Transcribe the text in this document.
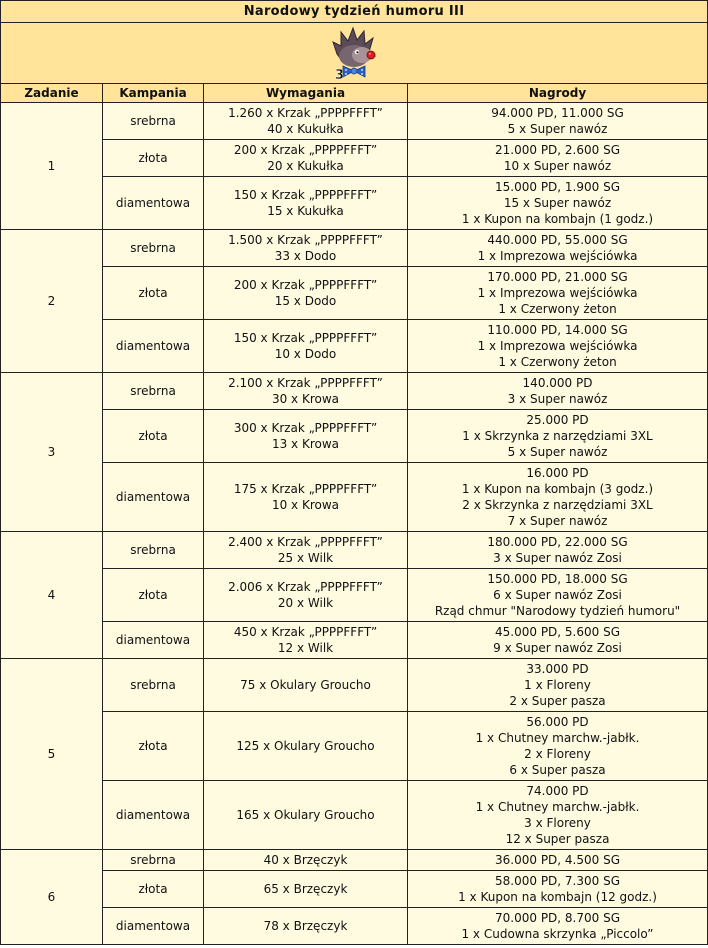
Narodowy tydzień humoru III			

3			

Zadanie	Kampania	Wymagania	Nagrody
1	srebrna	1.260 x Krzak „PPPPFFFT”
40 x Kukułka	94.000 PD, 11.000 SG
5 x Super nawóz

	złota	200 x Krzak „PPPPFFFT”
20 x Kukułka	21.000 PD, 2.600 SG
10 x Super nawóz

	diamentowa	150 x Krzak „PPPPFFFT”
15 x Kukułka	15.000 PD, 1.900 SG
15 x Super nawóz
1 x Kupon na kombajn (1 godz.)

2	srebrna	1.500 x Krzak „PPPPFFFT”
33 x Dodo	440.000 PD, 55.000 SG
1 x Imprezowa wejściówka

	złota	200 x Krzak „PPPPFFFT”
15 x Dodo	170.000 PD, 21.000 SG
1 x Imprezowa wejściówka
1 x Czerwony żeton

	diamentowa	150 x Krzak „PPPPFFFT”
10 x Dodo	110.000 PD, 14.000 SG
1 x Imprezowa wejściówka
1 x Czerwony żeton

3	srebrna	2.100 x Krzak „PPPPFFFT”
30 x Krowa	140.000 PD
3 x Super nawóz

	złota	300 x Krzak „PPPPFFFT”
13 x Krowa	25.000 PD
1 x Skrzynka z narzędziami 3XL
5 x Super nawóz

	diamentowa	175 x Krzak „PPPPFFFT”
10 x Krowa	16.000 PD
1 x Kupon na kombajn (3 godz.)
2 x Skrzynka z narzędziami 3XL
7 x Super nawóz

4	srebrna	2.400 x Krzak „PPPPFFFT”
25 x Wilk	180.000 PD, 22.000 SG
3 x Super nawóz Zosi

	złota	2.006 x Krzak „PPPPFFFT”
20 x Wilk	150.000 PD, 18.000 SG
6 x Super nawóz Zosi
Rząd chmur "Narodowy tydzień humoru"

	diamentowa	450 x Krzak „PPPPFFFT”
12 x Wilk	45.000 PD, 5.600 SG
9 x Super nawóz Zosi

5	srebrna	75 x Okulary Groucho	33.000 PD
1 x Floreny
2 x Super pasza

	złota	125 x Okulary Groucho	56.000 PD
1 x Chutney marchw.-jabłk.
2 x Floreny
6 x Super pasza

	diamentowa	165 x Okulary Groucho	74.000 PD
1 x Chutney marchw.-jabłk.
3 x Floreny
12 x Super pasza

6	srebrna	40 x Brzęczyk	36.000 PD, 4.500 SG

	złota	65 x Brzęczyk	58.000 PD, 7.300 SG
1 x Kupon na kombajn (12 godz.)

	diamentowa	78 x Brzęczyk	70.000 PD, 8.700 SG
1 x Cudowna skrzynka „Piccolo”
